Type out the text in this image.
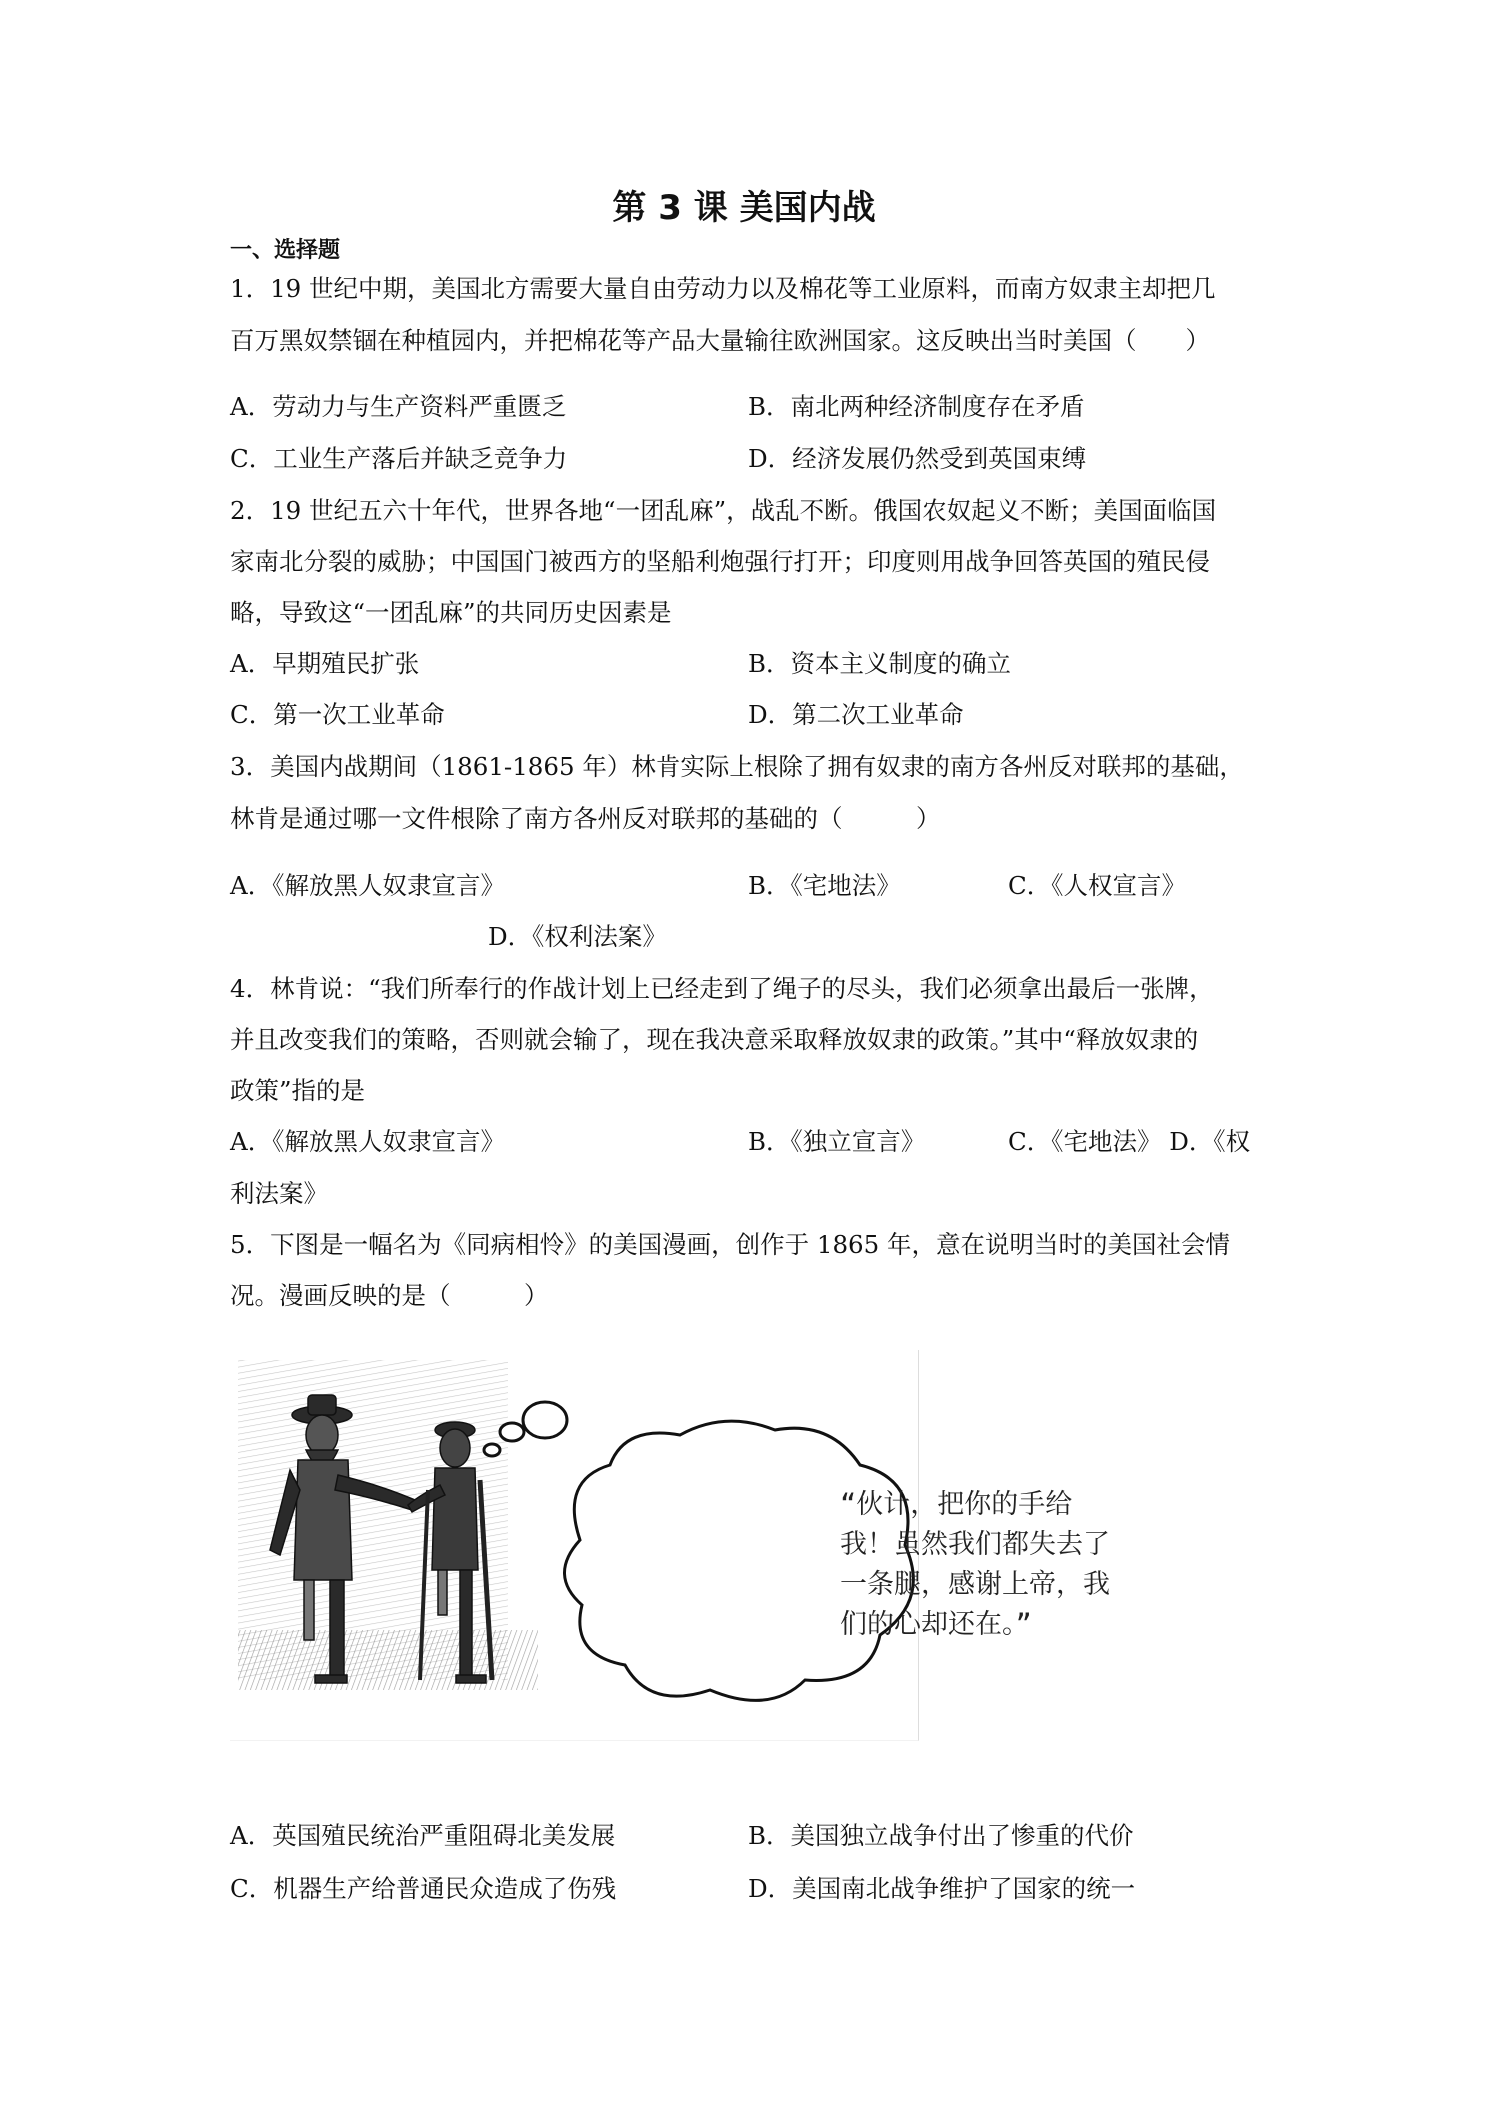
第 3 课 美国内战
一、选择题
1．19 世纪中期，美国北方需要大量自由劳动力以及棉花等工业原料，而南方奴隶主却把几
百万黑奴禁锢在种植园内，并把棉花等产品大量输往欧洲国家。这反映出当时美国（　　）
A．劳动力与生产资料严重匮乏	B．南北两种经济制度存在矛盾
C．工业生产落后并缺乏竞争力	D．经济发展仍然受到英国束缚
2．19 世纪五六十年代，世界各地“一团乱麻”，战乱不断。俄国农奴起义不断；美国面临国
家南北分裂的威胁；中国国门被西方的坚船利炮强行打开；印度则用战争回答英国的殖民侵
略，导致这“一团乱麻”的共同历史因素是
A．早期殖民扩张	B．资本主义制度的确立
C．第一次工业革命	D．第二次工业革命
3．美国内战期间（1861-1865 年）林肯实际上根除了拥有奴隶的南方各州反对联邦的基础，
林肯是通过哪一文件根除了南方各州反对联邦的基础的（　　　）
A．《解放黑人奴隶宣言》	B．《宅地法》	C．《人权宣言》
D．《权利法案》
4．林肯说：“我们所奉行的作战计划上已经走到了绳子的尽头，我们必须拿出最后一张牌，
并且改变我们的策略，否则就会输了，现在我决意采取释放奴隶的政策。”其中“释放奴隶的
政策”指的是
A．《解放黑人奴隶宣言》	B．《独立宣言》	C．《宅地法》 D．《权
利法案》
5．下图是一幅名为《同病相怜》的美国漫画，创作于 1865 年，意在说明当时的美国社会情
况。漫画反映的是（　　　）
“伙计，把你的手给我！虽然我们都失去了一条腿，感谢上帝，我们的心却还在。”
A．英国殖民统治严重阻碍北美发展	B．美国独立战争付出了惨重的代价
C．机器生产给普通民众造成了伤残	D．美国南北战争维护了国家的统一
